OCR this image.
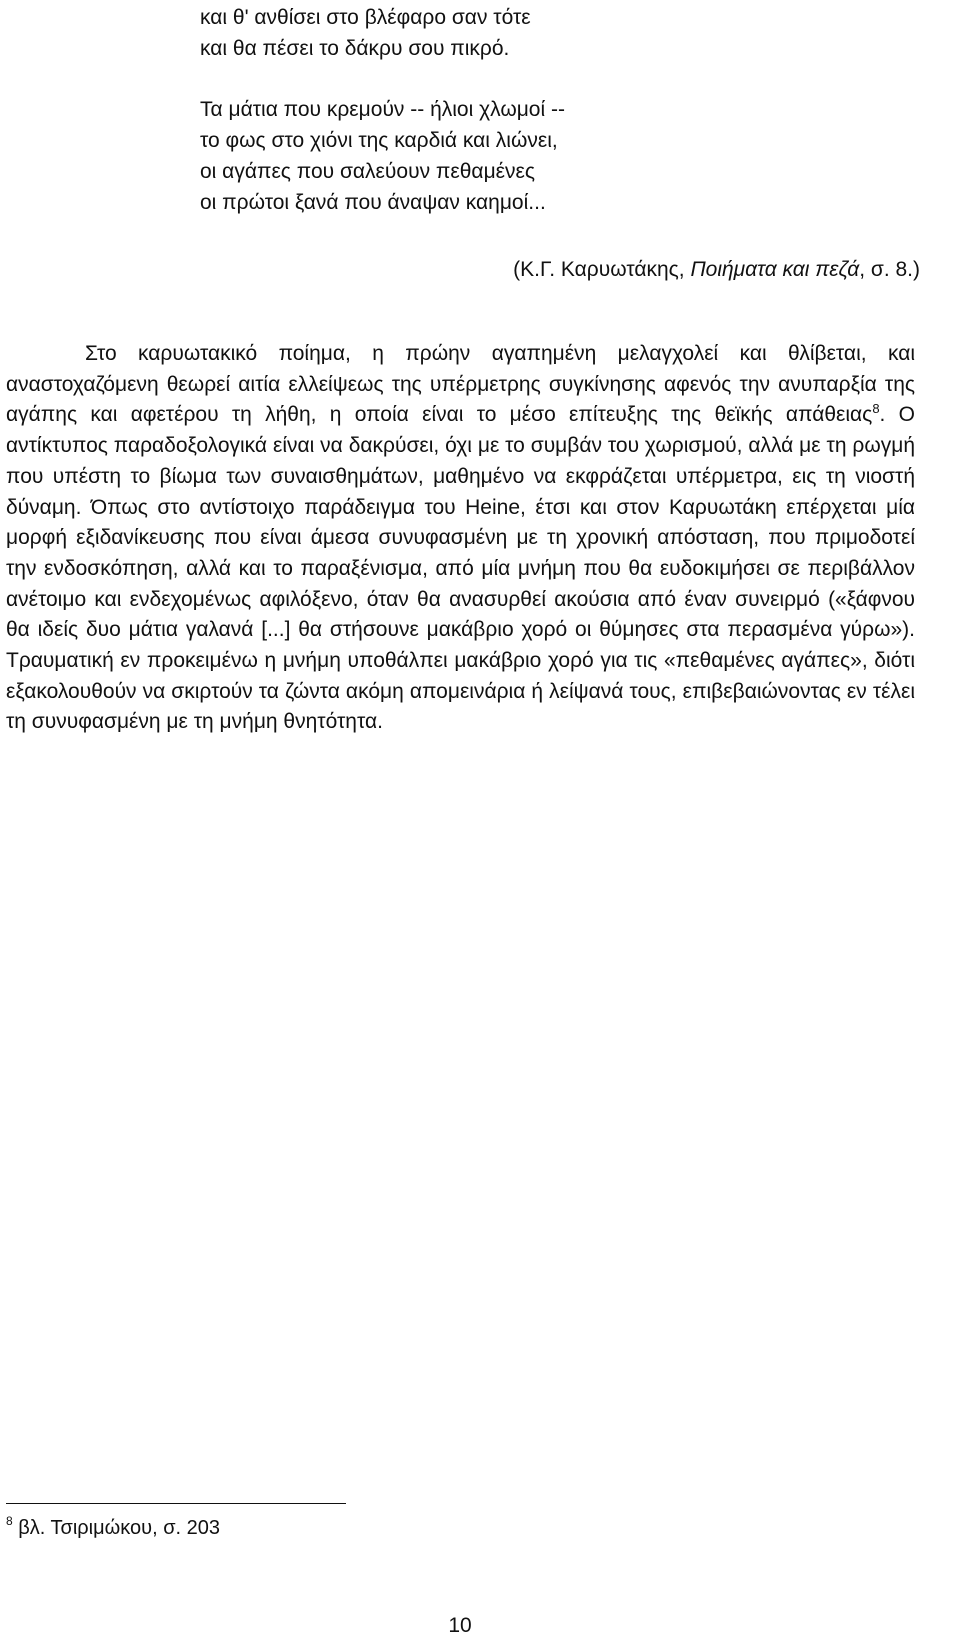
και θ' ανθίσει στο βλέφαρο σαν τότε
και θα πέσει το δάκρυ σου πικρό.
Τα μάτια που κρεμούν -- ήλιοι χλωμοί --
το φως στο χιόνι της καρδιά και λιώνει,
οι αγάπες που σαλεύουν πεθαμένες
οι πρώτοι ξανά που άναψαν καημοί...
(Κ.Γ. Καρυωτάκης, Ποιήματα και πεζά, σ. 8.)

Στο καρυωτακικό ποίημα, η πρώην αγαπημένη μελαγχολεί και θλίβεται, και αναστοχαζόμενη θεωρεί αιτία ελλείψεως της υπέρμετρης συγκίνησης αφενός την ανυπαρξία της αγάπης και αφετέρου τη λήθη, η οποία είναι το μέσο επίτευξης της θεϊκής απάθειας$^8$. Ο αντίκτυπος παραδοξολογικά είναι να δακρύσει, όχι με το συμβάν του χωρισμού, αλλά με τη ρωγμή που υπέστη το βίωμα των συναισθημάτων, μαθημένο να εκφράζεται υπέρμετρα, εις τη νιοστή δύναμη. Όπως στο αντίστοιχο παράδειγμα του Heine, έτσι και στον Καρυωτάκη επέρχεται μία μορφή εξιδανίκευσης που είναι άμεσα συνυφασμένη με τη χρονική απόσταση, που πριμοδοτεί την ενδοσκόπηση, αλλά και το παραξένισμα, από μία μνήμη που θα ευδοκιμήσει σε περιβάλλον ανέτοιμο και ενδεχομένως αφιλόξενο, όταν θα ανασυρθεί ακούσια από έναν συνειρμό («ξάφνου θα ιδείς δυο μάτια γαλανά [...] θα στήσουνε μακάβριο χορό οι θύμησες στα περασμένα γύρω»). Τραυματική εν προκειμένω η μνήμη υποθάλπει μακάβριο χορό για τις «πεθαμένες αγάπες», διότι εξακολουθούν να σκιρτούν τα ζώντα ακόμη απομεινάρια ή λείψανά τους, επιβεβαιώνοντας εν τέλει τη συνυφασμένη με τη μνήμη θνητότητα.

$^8$ βλ. Τσιριμώκου, σ. 203
10
